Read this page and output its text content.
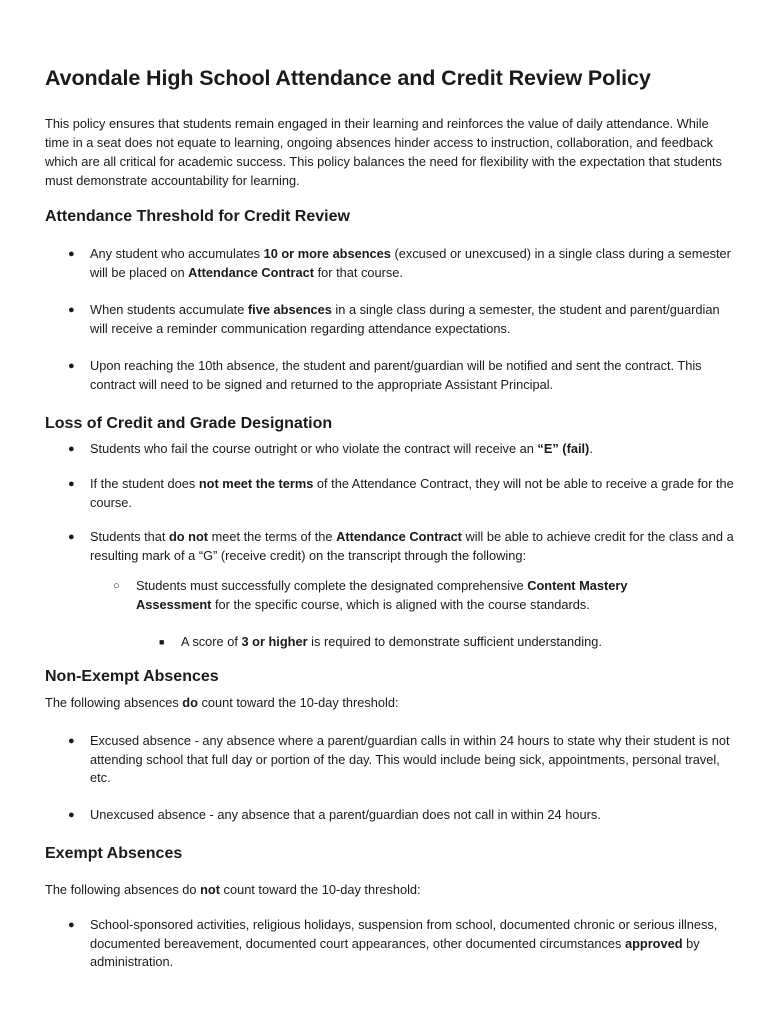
Avondale High School Attendance and Credit Review Policy

This policy ensures that students remain engaged in their learning and reinforces the value of daily attendance. While time in a seat does not equate to learning, ongoing absences hinder access to instruction, collaboration, and feedback which are all critical for academic success. This policy balances the need for flexibility with the expectation that students must demonstrate accountability for learning.

Attendance Threshold for Credit Review
● Any student who accumulates 10 or more absences (excused or unexcused) in a single class during a semester will be placed on Attendance Contract for that course.
● When students accumulate five absences in a single class during a semester, the student and parent/guardian will receive a reminder communication regarding attendance expectations.
● Upon reaching the 10th absence, the student and parent/guardian will be notified and sent the contract. This contract will need to be signed and returned to the appropriate Assistant Principal.
Loss of Credit and Grade Designation
● Students who fail the course outright or who violate the contract will receive an “E” (fail).
● If the student does not meet the terms of the Attendance Contract, they will not be able to receive a grade for the course.
● Students that do not meet the terms of the Attendance Contract will be able to achieve credit for the class and a resulting mark of a “G” (receive credit) on the transcript through the following:
○ Students must successfully complete the designated comprehensive Content Mastery Assessment for the specific course, which is aligned with the course standards.
■ A score of 3 or higher is required to demonstrate sufficient understanding.
Non-Exempt Absences

The following absences do count toward the 10-day threshold:

● Excused absence - any absence where a parent/guardian calls in within 24 hours to state why their student is not attending school that full day or portion of the day. This would include being sick, appointments, personal travel, etc.
● Unexcused absence - any absence that a parent/guardian does not call in within 24 hours.
Exempt Absences

The following absences do not count toward the 10-day threshold:

● School-sponsored activities, religious holidays, suspension from school, documented chronic or serious illness, documented bereavement, documented court appearances, other documented circumstances approved by administration.
